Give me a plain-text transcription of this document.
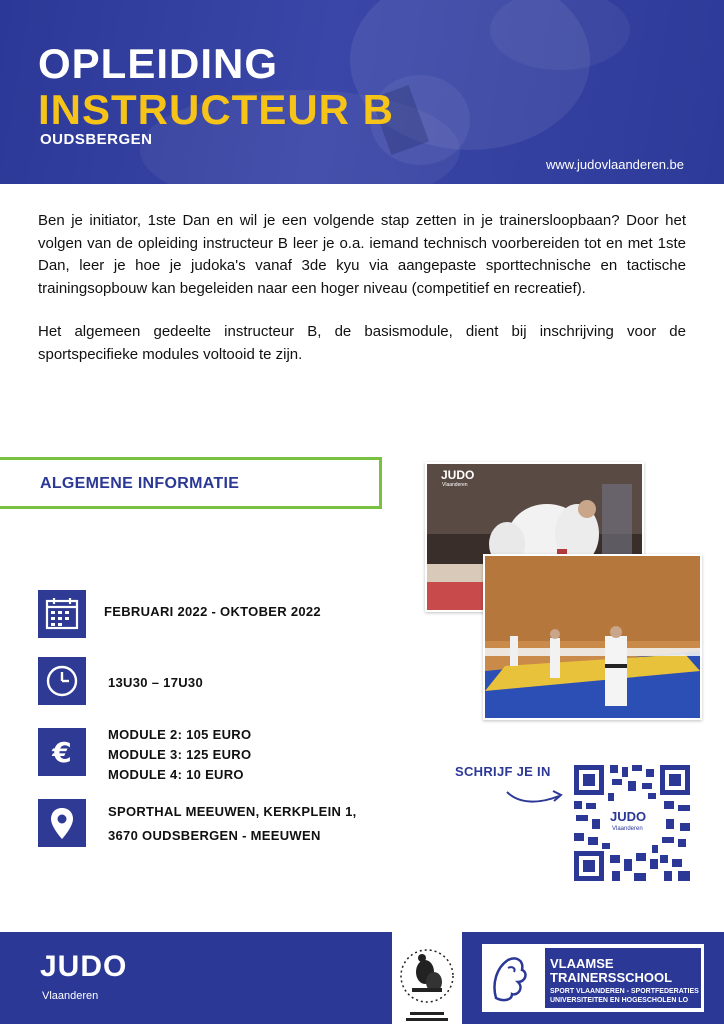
OPLEIDING
INSTRUCTEUR B
OUDSBERGEN
www.judovlaanderen.be

Ben je initiator, 1ste Dan en wil je een volgende stap zetten in je trainersloopbaan? Door het volgen van de opleiding instructeur B leer je o.a. iemand technisch voorbereiden tot en met 1ste Dan, leer je hoe je judoka's vanaf 3de kyu via aangepaste sporttechnische en tactische trainingsopbouw kan begeleiden naar een hoger niveau (competitief en recreatief).

Het algemeen gedeelte instructeur B, de basismodule, dient bij inschrijving voor de sportspecifieke modules voltooid te zijn.

ALGEMENE INFORMATIE
FEBRUARI 2022 - OKTOBER 2022
13U30 – 17U30
€
MODULE 2: 105 EURO
MODULE 3: 125 EURO
MODULE 4: 10 EURO
SPORTHAL MEEUWEN, KERKPLEIN 1,
3670 OUDSBERGEN - MEEUWEN
JUDO
Vlaanderen
SCHRIJF JE IN
JUDO
Vlaanderen
JUDO
Vlaanderen
VLAAMSE
TRAINERSSCHOOL
SPORT VLAANDEREN - SPORTFEDERATIES
UNIVERSITEITEN EN HOGESCHOLEN LO
